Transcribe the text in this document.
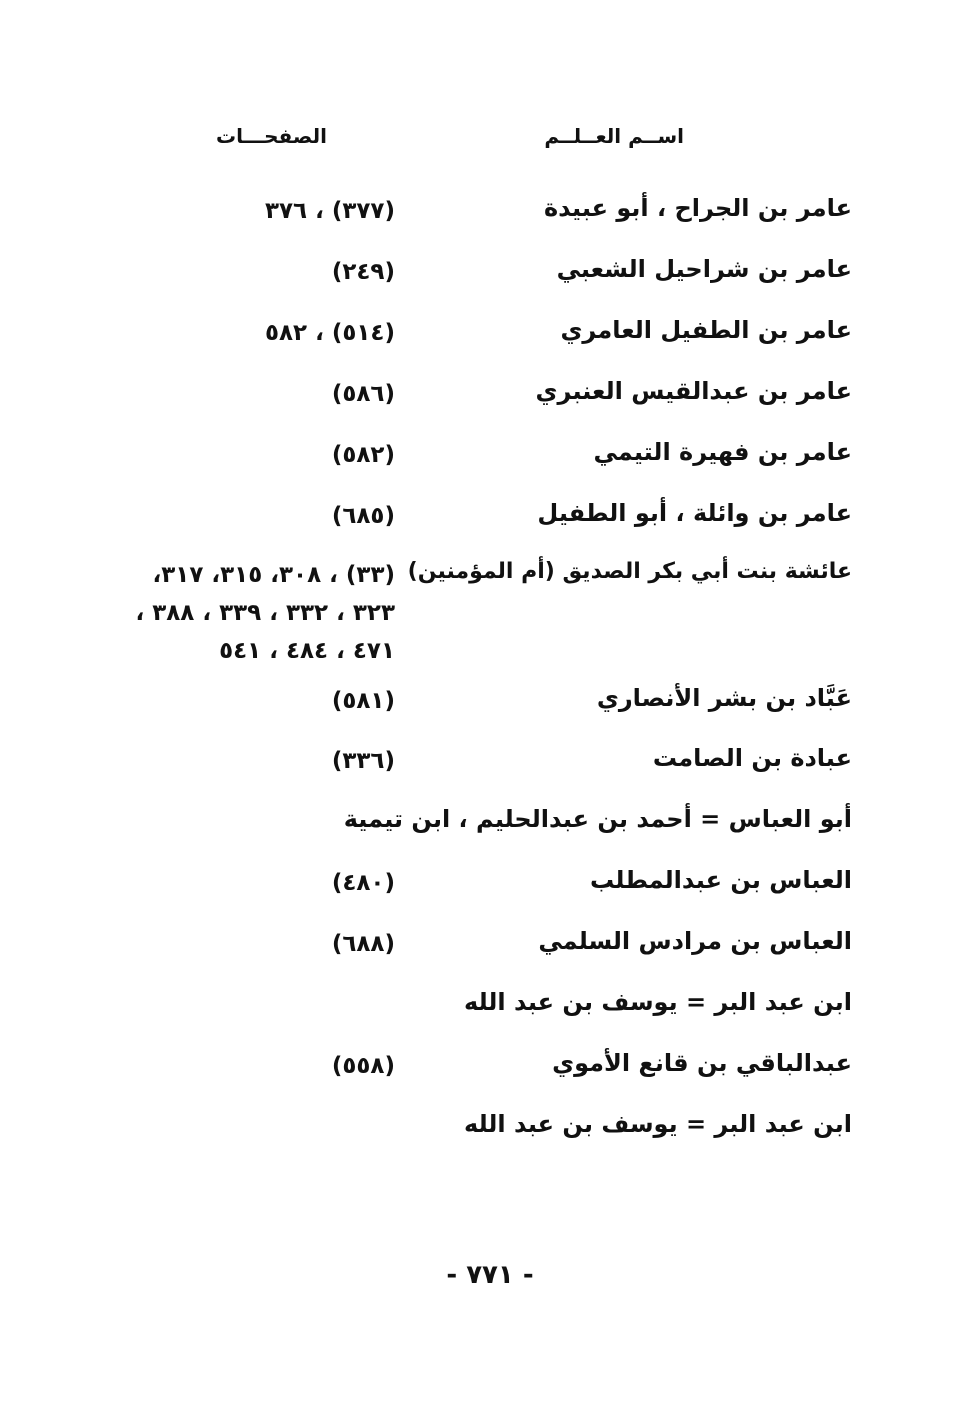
اســم العــلــم
الصفحـــات
عامر بن الجراح ، أبو عبيدة
(٣٧٧) ، ٣٧٦
عامر بن شراحيل الشعبي
(٢٤٩)
عامر بن الطفيل العامري
(٥١٤) ، ٥٨٢
عامر بن عبدالقيس العنبري
(٥٨٦)
عامر بن فهيرة التيمي
(٥٨٢)
عامر بن وائلة ، أبو الطفيل
(٦٨٥)
عائشة بنت أبي بكر الصديق (أم المؤمنين)
(٣٣) ، ٣٠٨، ٣١٥، ٣١٧،
٣٢٣ ، ٣٣٢ ، ٣٣٩ ، ٣٨٨ ،
٤٧١ ، ٤٨٤ ، ٥٤١
عَبَّاد بن بشر الأنصاري
(٥٨١)
عبادة بن الصامت
(٣٣٦)
أبو العباس = أحمد بن عبدالحليم ، ابن تيمية
العباس بن عبدالمطلب
(٤٨٠)
العباس بن مرادس السلمي
(٦٨٨)
ابن عبد البر = يوسف بن عبد الله
عبدالباقي بن قانع الأموي
(٥٥٨)
ابن عبد البر = يوسف بن عبد الله
- ٧٧١ -
